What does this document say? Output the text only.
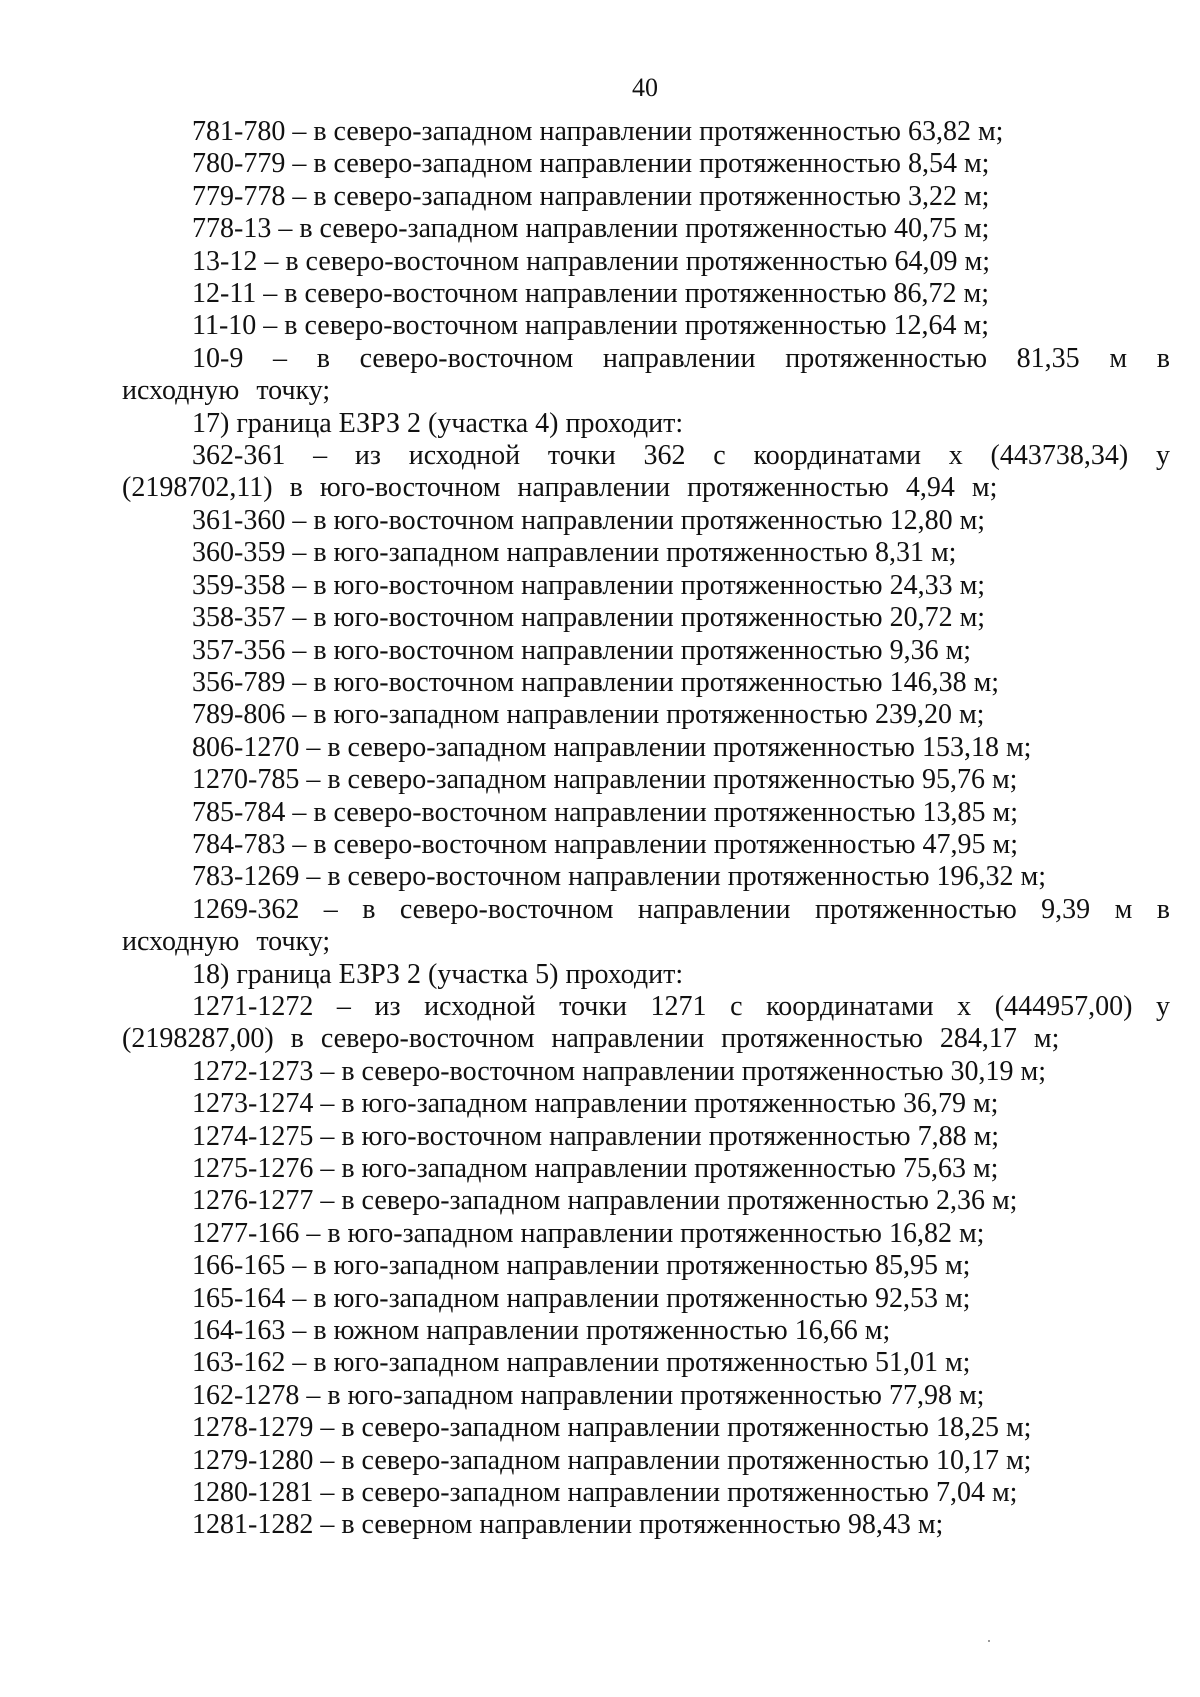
40

781-780 – в северо-западном направлении протяженностью 63,82 м;

780-779 – в северо-западном направлении протяженностью 8,54 м;

779-778 – в северо-западном направлении протяженностью 3,22 м;

778-13 – в северо-западном направлении протяженностью 40,75 м;

13-12 – в северо-восточном направлении протяженностью 64,09 м;

12-11 – в северо-восточном направлении протяженностью 86,72 м;

11-10 – в северо-восточном направлении протяженностью 12,64 м;

10-9 – в северо-восточном направлении протяженностью 81,35 м в исходную точку;

17) граница ЕЗРЗ 2 (участка 4) проходит:

362-361 – из исходной точки 362 с координатами х (443738,34) у (2198702,11) в юго-восточном направлении протяженностью 4,94 м;

361-360 – в юго-восточном направлении протяженностью 12,80 м;

360-359 – в юго-западном направлении протяженностью 8,31 м;

359-358 – в юго-восточном направлении протяженностью 24,33 м;

358-357 – в юго-восточном направлении протяженностью 20,72 м;

357-356 – в юго-восточном направлении протяженностью 9,36 м;

356-789 – в юго-восточном направлении протяженностью 146,38 м;

789-806 – в юго-западном направлении протяженностью 239,20 м;

806-1270 – в северо-западном направлении протяженностью 153,18 м;

1270-785 – в северо-западном направлении протяженностью 95,76 м;

785-784 – в северо-восточном направлении протяженностью 13,85 м;

784-783 – в северо-восточном направлении протяженностью 47,95 м;

783-1269 – в северо-восточном направлении протяженностью 196,32 м;

1269-362 – в северо-восточном направлении протяженностью 9,39 м в исходную точку;

18) граница ЕЗРЗ 2 (участка 5) проходит:

1271-1272 – из исходной точки 1271 с координатами х (444957,00) у (2198287,00) в северо-восточном направлении протяженностью 284,17 м;

1272-1273 – в северо-восточном направлении протяженностью 30,19 м;

1273-1274 – в юго-западном направлении протяженностью 36,79 м;

1274-1275 – в юго-восточном направлении протяженностью 7,88 м;

1275-1276 – в юго-западном направлении протяженностью 75,63 м;

1276-1277 – в северо-западном направлении протяженностью 2,36 м;

1277-166 – в юго-западном направлении протяженностью 16,82 м;

166-165 – в юго-западном направлении протяженностью 85,95 м;

165-164 – в юго-западном направлении протяженностью 92,53 м;

164-163 – в южном направлении протяженностью 16,66 м;

163-162 – в юго-западном направлении протяженностью 51,01 м;

162-1278 – в юго-западном направлении протяженностью 77,98 м;

1278-1279 – в северо-западном направлении протяженностью 18,25 м;

1279-1280 – в северо-западном направлении протяженностью 10,17 м;

1280-1281 – в северо-западном направлении протяженностью 7,04 м;

1281-1282 – в северном направлении протяженностью 98,43 м;
